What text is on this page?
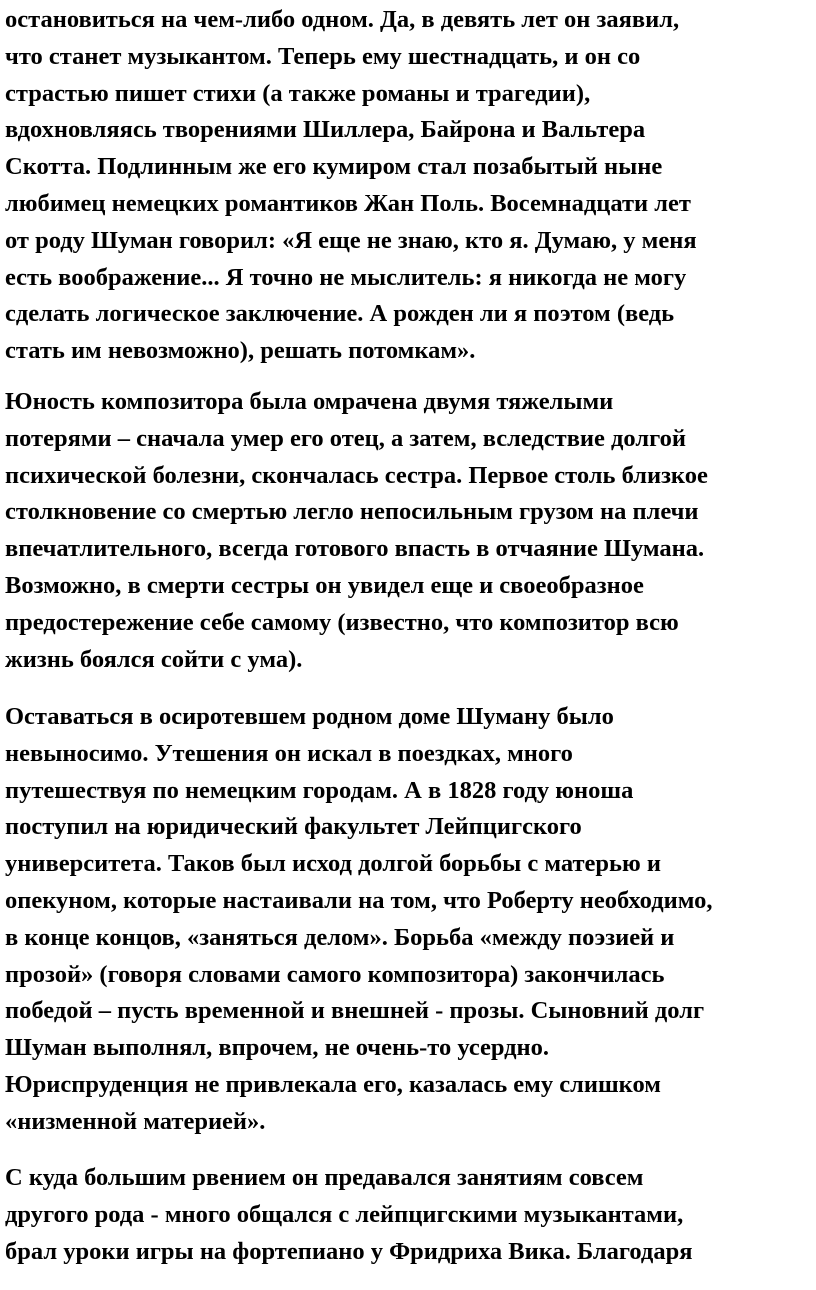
остановиться на чем-либо одном. Да, в девять лет он заявил,
что станет музыкантом. Теперь ему шестнадцать, и он со
страстью пишет стихи (а также романы и трагедии),
вдохновляясь творениями Шиллера, Байрона и Вальтера
Скотта. Подлинным же его кумиром стал позабытый ныне
любимец немецких романтиков Жан Поль. Восемнадцати лет
от роду Шуман говорил: «Я еще не знаю, кто я. Думаю, у меня
есть воображение... Я точно не мыслитель: я никогда не могу
сделать логическое заключение. А рожден ли я поэтом (ведь
стать им невозможно), решать потомкам».
Юность композитора была омрачена двумя тяжелыми
потерями – сначала умер его отец, а затем, вследствие долгой
психической болезни, скончалась сестра. Первое столь близкое
столкновение со смертью легло непосильным грузом на плечи
впечатлительного, всегда готового впасть в отчаяние Шумана.
Возможно, в смерти сестры он увидел еще и своеобразное
предостережение себе самому (известно, что композитор всю
жизнь боялся сойти с ума).
Оставаться в осиротевшем родном доме Шуману было
невыносимо. Утешения он искал в поездках, много
путешествуя по немецким городам. А в 1828 году юноша
поступил на юридический факультет Лейпцигского
университета. Таков был исход долгой борьбы с матерью и
опекуном, которые настаивали на том, что Роберту необходимо,
в конце концов, «заняться делом». Борьба «между поэзией и
прозой» (говоря словами самого композитора) закончилась
победой – пусть временной и внешней - прозы. Сыновний долг
Шуман выполнял, впрочем, не очень-то усердно.
Юриспруденция не привлекала его, казалась ему слишком
«низменной материей».
С куда большим рвением он предавался занятиям совсем
другого рода - много общался с лейпцигскими музыкантами,
брал уроки игры на фортепиано у Фридриха Вика. Благодаря
